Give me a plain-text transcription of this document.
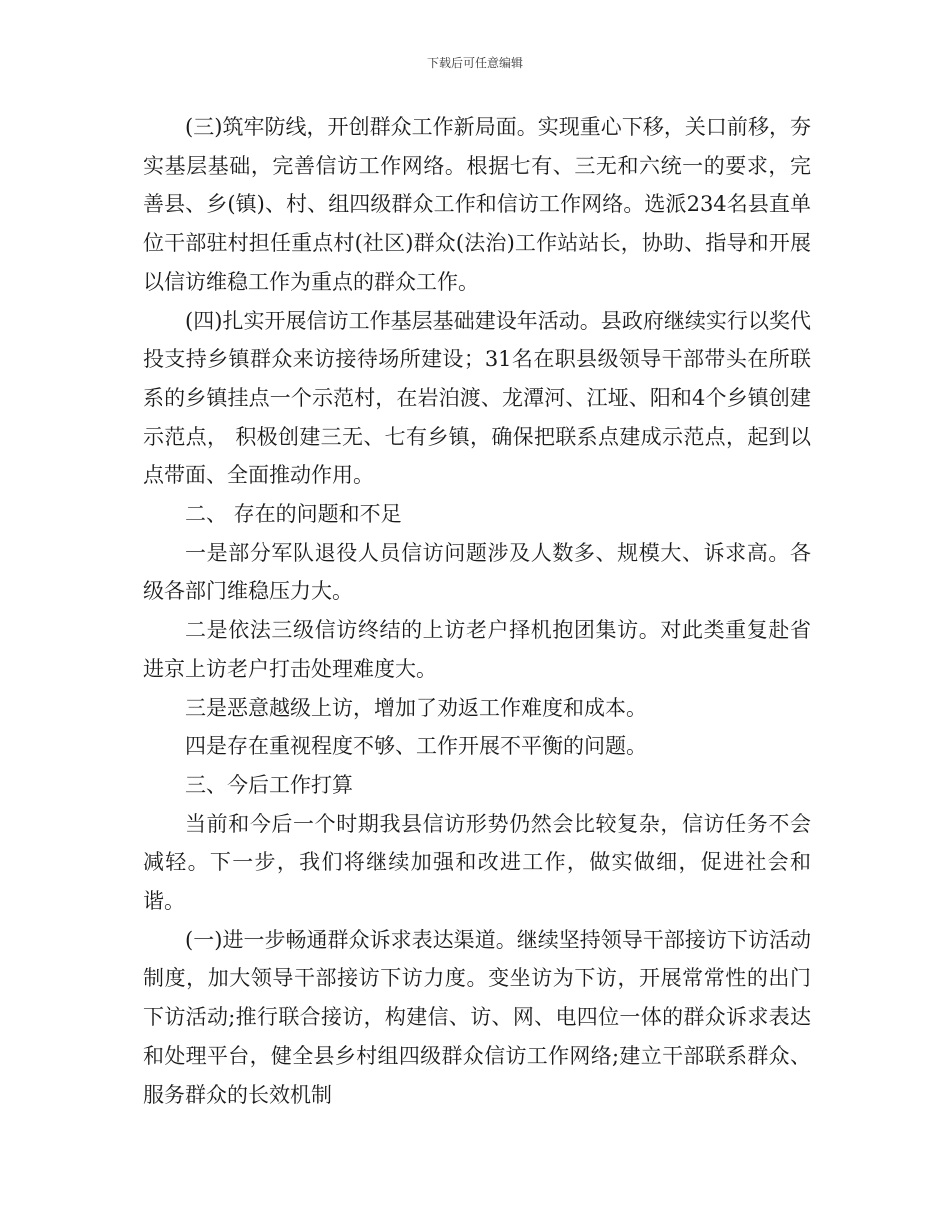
下载后可任意编辑

(三)筑牢防线，开创群众工作新局面。实现重心下移，关口前移，夯实基层基础，完善信访工作网络。根据七有、三无和六统一的要求，完善县、乡(镇)、村、组四级群众工作和信访工作网络。选派234名县直单位干部驻村担任重点村(社区)群众(法治)工作站站长，协助、指导和开展以信访维稳工作为重点的群众工作。

(四)扎实开展信访工作基层基础建设年活动。县政府继续实行以奖代投支持乡镇群众来访接待场所建设；31名在职县级领导干部带头在所联系的乡镇挂点一个示范村，在岩泊渡、龙潭河、江垭、阳和4个乡镇创建示范点， 积极创建三无、七有乡镇，确保把联系点建成示范点，起到以点带面、全面推动作用。

二、 存在的问题和不足

一是部分军队退役人员信访问题涉及人数多、规模大、诉求高。各级各部门维稳压力大。

二是依法三级信访终结的上访老户择机抱团集访。对此类重复赴省进京上访老户打击处理难度大。

三是恶意越级上访，增加了劝返工作难度和成本。

四是存在重视程度不够、工作开展不平衡的问题。

三、今后工作打算

当前和今后一个时期我县信访形势仍然会比较复杂，信访任务不会减轻。下一步，我们将继续加强和改进工作，做实做细，促进社会和谐。

(一)进一步畅通群众诉求表达渠道。继续坚持领导干部接访下访活动制度，加大领导干部接访下访力度。变坐访为下访，开展常常性的出门下访活动;推行联合接访，构建信、访、网、电四位一体的群众诉求表达和处理平台，健全县乡村组四级群众信访工作网络;建立干部联系群众、服务群众的长效机制
